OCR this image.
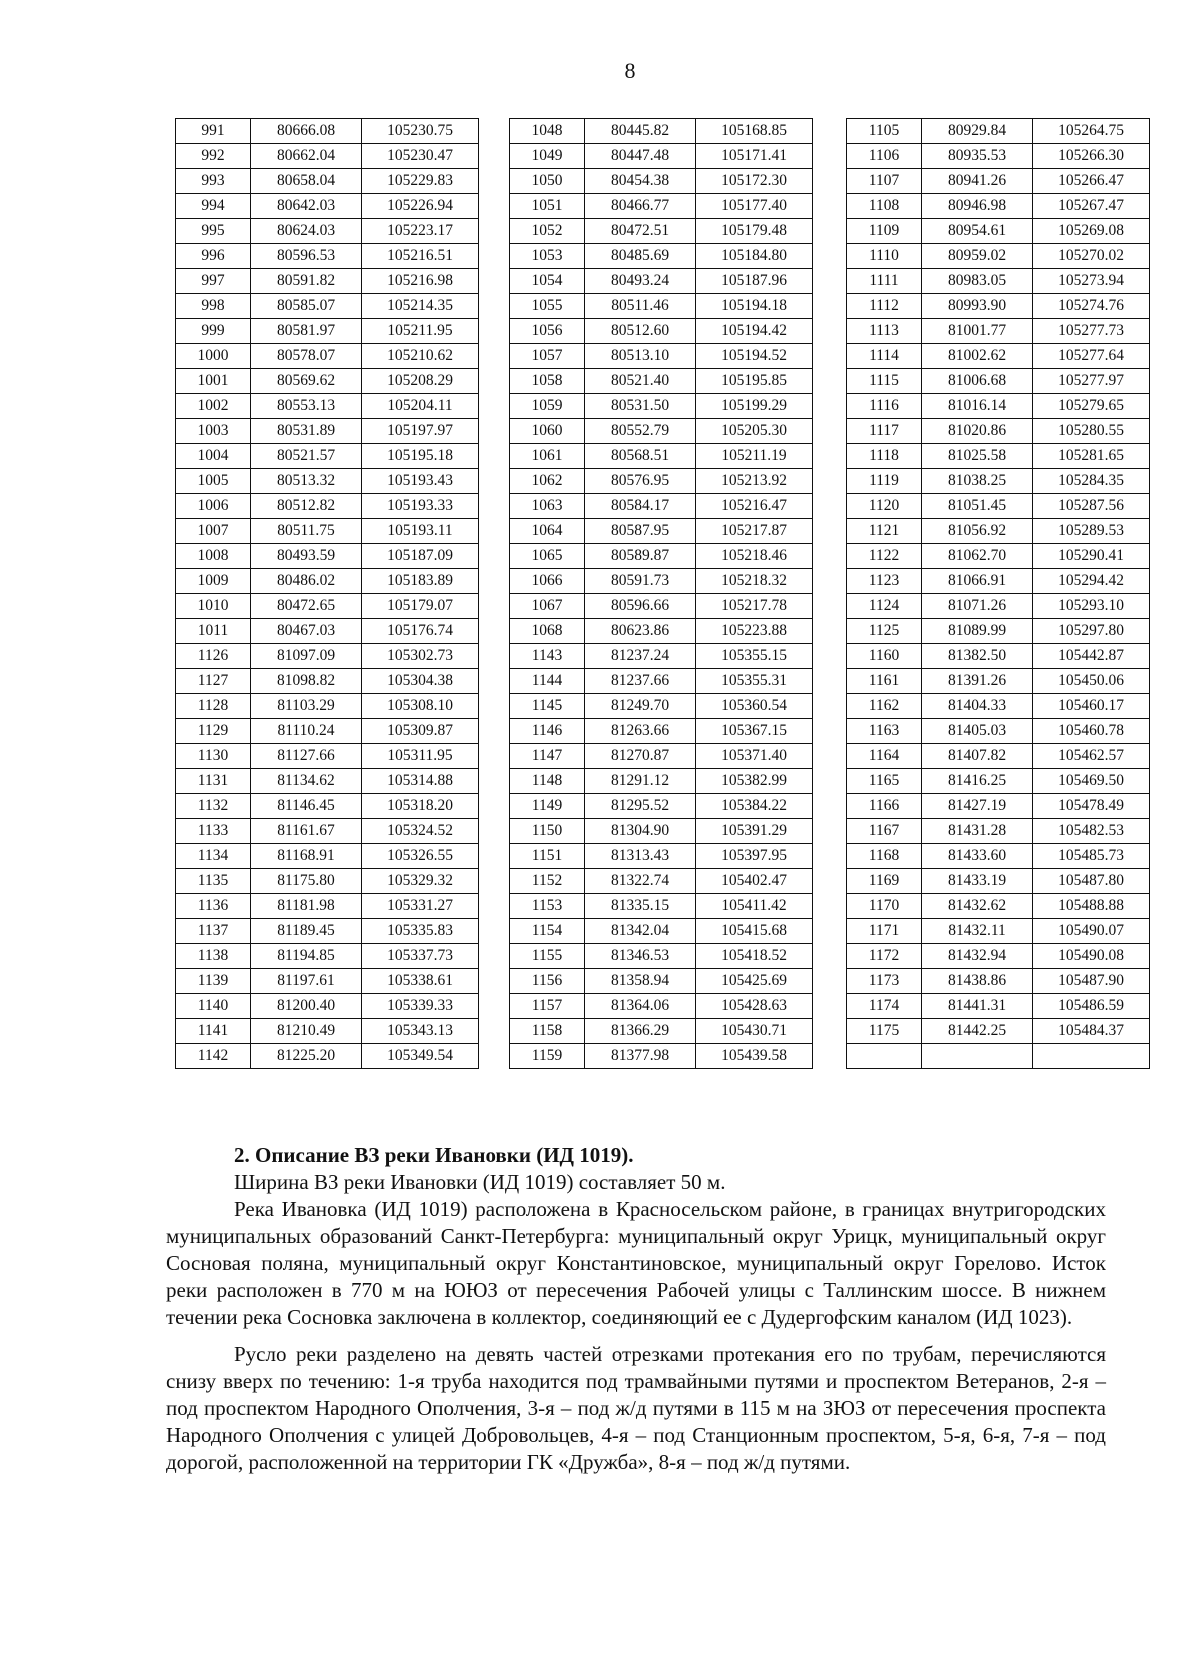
8
991	80666.08	105230.75
992	80662.04	105230.47
993	80658.04	105229.83
994	80642.03	105226.94
995	80624.03	105223.17
996	80596.53	105216.51
997	80591.82	105216.98
998	80585.07	105214.35
999	80581.97	105211.95
1000	80578.07	105210.62
1001	80569.62	105208.29
1002	80553.13	105204.11
1003	80531.89	105197.97
1004	80521.57	105195.18
1005	80513.32	105193.43
1006	80512.82	105193.33
1007	80511.75	105193.11
1008	80493.59	105187.09
1009	80486.02	105183.89
1010	80472.65	105179.07
1011	80467.03	105176.74
1126	81097.09	105302.73
1127	81098.82	105304.38
1128	81103.29	105308.10
1129	81110.24	105309.87
1130	81127.66	105311.95
1131	81134.62	105314.88
1132	81146.45	105318.20
1133	81161.67	105324.52
1134	81168.91	105326.55
1135	81175.80	105329.32
1136	81181.98	105331.27
1137	81189.45	105335.83
1138	81194.85	105337.73
1139	81197.61	105338.61
1140	81200.40	105339.33
1141	81210.49	105343.13
1142	81225.20	105349.54
1048	80445.82	105168.85
1049	80447.48	105171.41
1050	80454.38	105172.30
1051	80466.77	105177.40
1052	80472.51	105179.48
1053	80485.69	105184.80
1054	80493.24	105187.96
1055	80511.46	105194.18
1056	80512.60	105194.42
1057	80513.10	105194.52
1058	80521.40	105195.85
1059	80531.50	105199.29
1060	80552.79	105205.30
1061	80568.51	105211.19
1062	80576.95	105213.92
1063	80584.17	105216.47
1064	80587.95	105217.87
1065	80589.87	105218.46
1066	80591.73	105218.32
1067	80596.66	105217.78
1068	80623.86	105223.88
1143	81237.24	105355.15
1144	81237.66	105355.31
1145	81249.70	105360.54
1146	81263.66	105367.15
1147	81270.87	105371.40
1148	81291.12	105382.99
1149	81295.52	105384.22
1150	81304.90	105391.29
1151	81313.43	105397.95
1152	81322.74	105402.47
1153	81335.15	105411.42
1154	81342.04	105415.68
1155	81346.53	105418.52
1156	81358.94	105425.69
1157	81364.06	105428.63
1158	81366.29	105430.71
1159	81377.98	105439.58
1105	80929.84	105264.75
1106	80935.53	105266.30
1107	80941.26	105266.47
1108	80946.98	105267.47
1109	80954.61	105269.08
1110	80959.02	105270.02
1111	80983.05	105273.94
1112	80993.90	105274.76
1113	81001.77	105277.73
1114	81002.62	105277.64
1115	81006.68	105277.97
1116	81016.14	105279.65
1117	81020.86	105280.55
1118	81025.58	105281.65
1119	81038.25	105284.35
1120	81051.45	105287.56
1121	81056.92	105289.53
1122	81062.70	105290.41
1123	81066.91	105294.42
1124	81071.26	105293.10
1125	81089.99	105297.80
1160	81382.50	105442.87
1161	81391.26	105450.06
1162	81404.33	105460.17
1163	81405.03	105460.78
1164	81407.82	105462.57
1165	81416.25	105469.50
1166	81427.19	105478.49
1167	81431.28	105482.53
1168	81433.60	105485.73
1169	81433.19	105487.80
1170	81432.62	105488.88
1171	81432.11	105490.07
1172	81432.94	105490.08
1173	81438.86	105487.90
1174	81441.31	105486.59
1175	81442.25	105484.37

2. Описание ВЗ реки Ивановки (ИД 1019).

Ширина ВЗ реки Ивановки (ИД 1019) составляет 50 м.

Река Ивановка (ИД 1019) расположена в Красносельском районе, в границах внутригородских муниципальных образований Санкт-Петербурга: муниципальный округ Урицк, муниципальный округ Сосновая поляна, муниципальный округ Константиновское, муниципальный округ Горелово. Исток реки расположен в 770 м на ЮЮЗ от пересечения Рабочей улицы с Таллинским шоссе. В нижнем течении река Сосновка заключена в коллектор, соединяющий ее с Дудергофским каналом (ИД 1023).

Русло реки разделено на девять частей отрезками протекания его по трубам, перечисляются снизу вверх по течению: 1-я труба находится под трамвайными путями и проспектом Ветеранов, 2-я – под проспектом Народного Ополчения, 3-я – под ж/д путями в 115 м на ЗЮЗ от пересечения проспекта Народного Ополчения с улицей Добровольцев, 4-я – под Станционным проспектом, 5-я, 6-я, 7-я – под дорогой, расположенной на территории ГК «Дружба», 8-я – под ж/д путями.
